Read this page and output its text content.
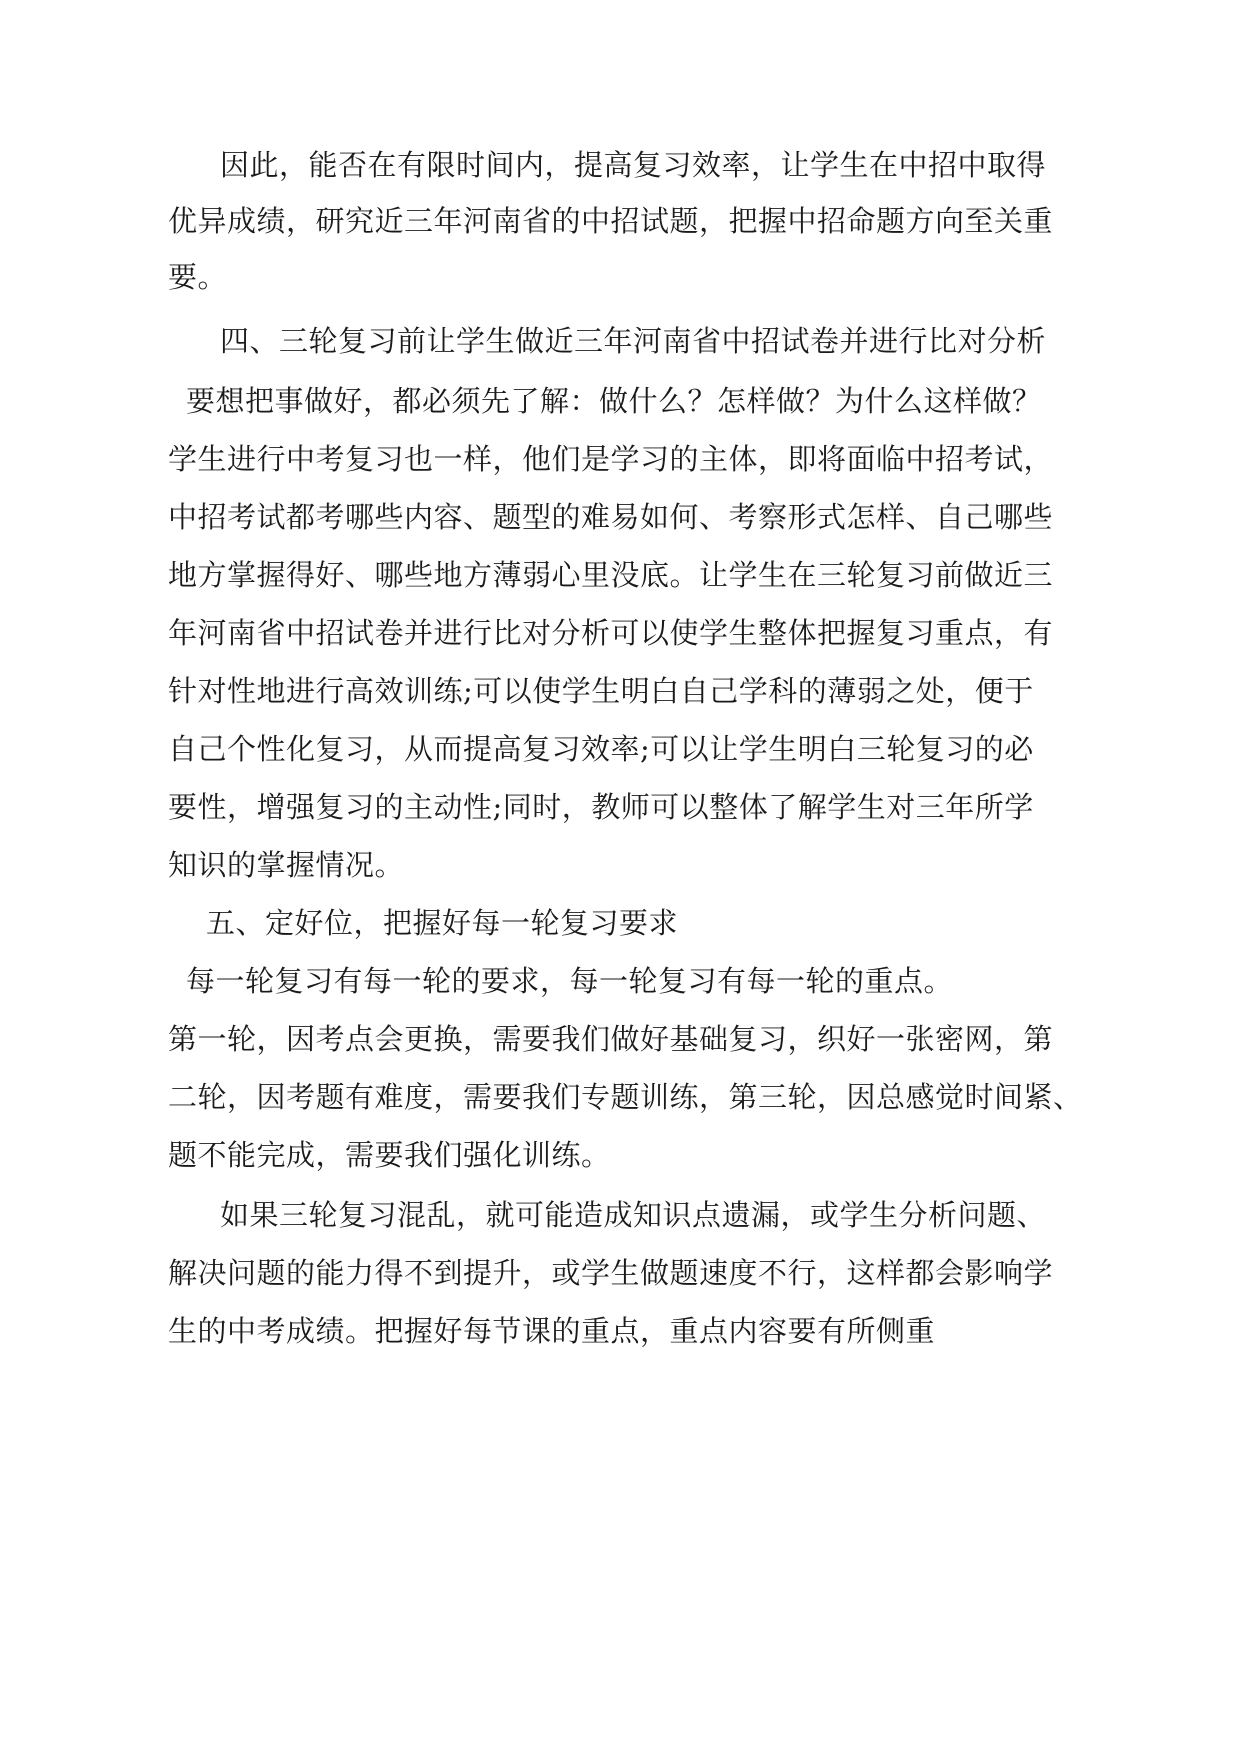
因此，能否在有限时间内，提高复习效率，让学生在中招中取得
优异成绩，研究近三年河南省的中招试题，把握中招命题方向至关重
要。
四、三轮复习前让学生做近三年河南省中招试卷并进行比对分析
要想把事做好，都必须先了解：做什么？怎样做？为什么这样做？
学生进行中考复习也一样，他们是学习的主体，即将面临中招考试，
中招考试都考哪些内容、题型的难易如何、考察形式怎样、自己哪些
地方掌握得好、哪些地方薄弱心里没底。让学生在三轮复习前做近三
年河南省中招试卷并进行比对分析可以使学生整体把握复习重点，有
针对性地进行高效训练;可以使学生明白自己学科的薄弱之处，便于
自己个性化复习，从而提高复习效率;可以让学生明白三轮复习的必
要性，增强复习的主动性;同时，教师可以整体了解学生对三年所学
知识的掌握情况。
五、定好位，把握好每一轮复习要求
每一轮复习有每一轮的要求，每一轮复习有每一轮的重点。
第一轮，因考点会更换，需要我们做好基础复习，织好一张密网，第
二轮，因考题有难度，需要我们专题训练，第三轮，因总感觉时间紧、
题不能完成，需要我们强化训练。
如果三轮复习混乱，就可能造成知识点遗漏，或学生分析问题、
解决问题的能力得不到提升，或学生做题速度不行，这样都会影响学
生的中考成绩。把握好每节课的重点，重点内容要有所侧重
